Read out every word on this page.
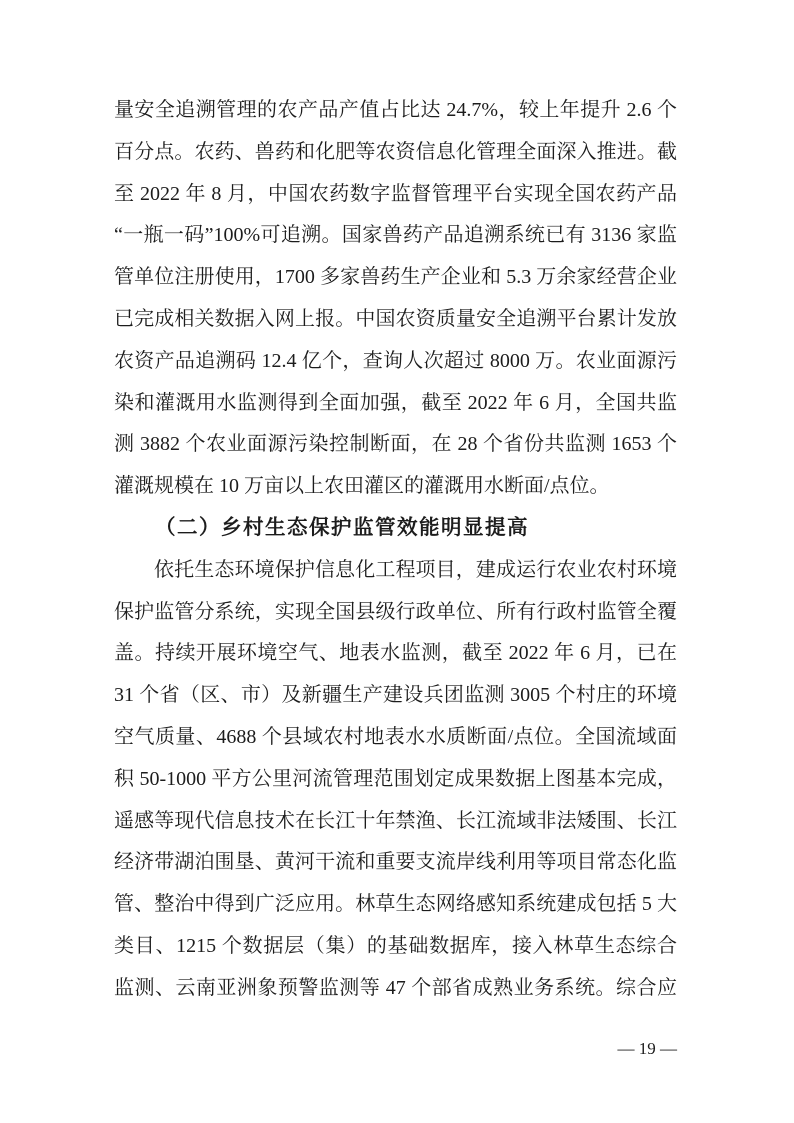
量安全追溯管理的农产品产值占比达 24.7%，较上年提升 2.6 个
百分点。农药、兽药和化肥等农资信息化管理全面深入推进。截
至 2022 年 8 月，中国农药数字监督管理平台实现全国农药产品
“一瓶一码”100%可追溯。国家兽药产品追溯系统已有 3136 家监
管单位注册使用，1700 多家兽药生产企业和 5.3 万余家经营企业
已完成相关数据入网上报。中国农资质量安全追溯平台累计发放
农资产品追溯码 12.4 亿个，查询人次超过 8000 万。农业面源污
染和灌溉用水监测得到全面加强，截至 2022 年 6 月，全国共监
测 3882 个农业面源污染控制断面，在 28 个省份共监测 1653 个
灌溉规模在 10 万亩以上农田灌区的灌溉用水断面/点位。
（二）乡村生态保护监管效能明显提高
依托生态环境保护信息化工程项目，建成运行农业农村环境
保护监管分系统，实现全国县级行政单位、所有行政村监管全覆
盖。持续开展环境空气、地表水监测，截至 2022 年 6 月，已在
31 个省（区、市）及新疆生产建设兵团监测 3005 个村庄的环境
空气质量、4688 个县域农村地表水水质断面/点位。全国流域面
积 50-1000 平方公里河流管理范围划定成果数据上图基本完成，
遥感等现代信息技术在长江十年禁渔、长江流域非法矮围、长江
经济带湖泊围垦、黄河干流和重要支流岸线利用等项目常态化监
管、整治中得到广泛应用。林草生态网络感知系统建成包括 5 大
类目、1215 个数据层（集）的基础数据库，接入林草生态综合
监测、云南亚洲象预警监测等 47 个部省成熟业务系统。综合应
— 19 —
